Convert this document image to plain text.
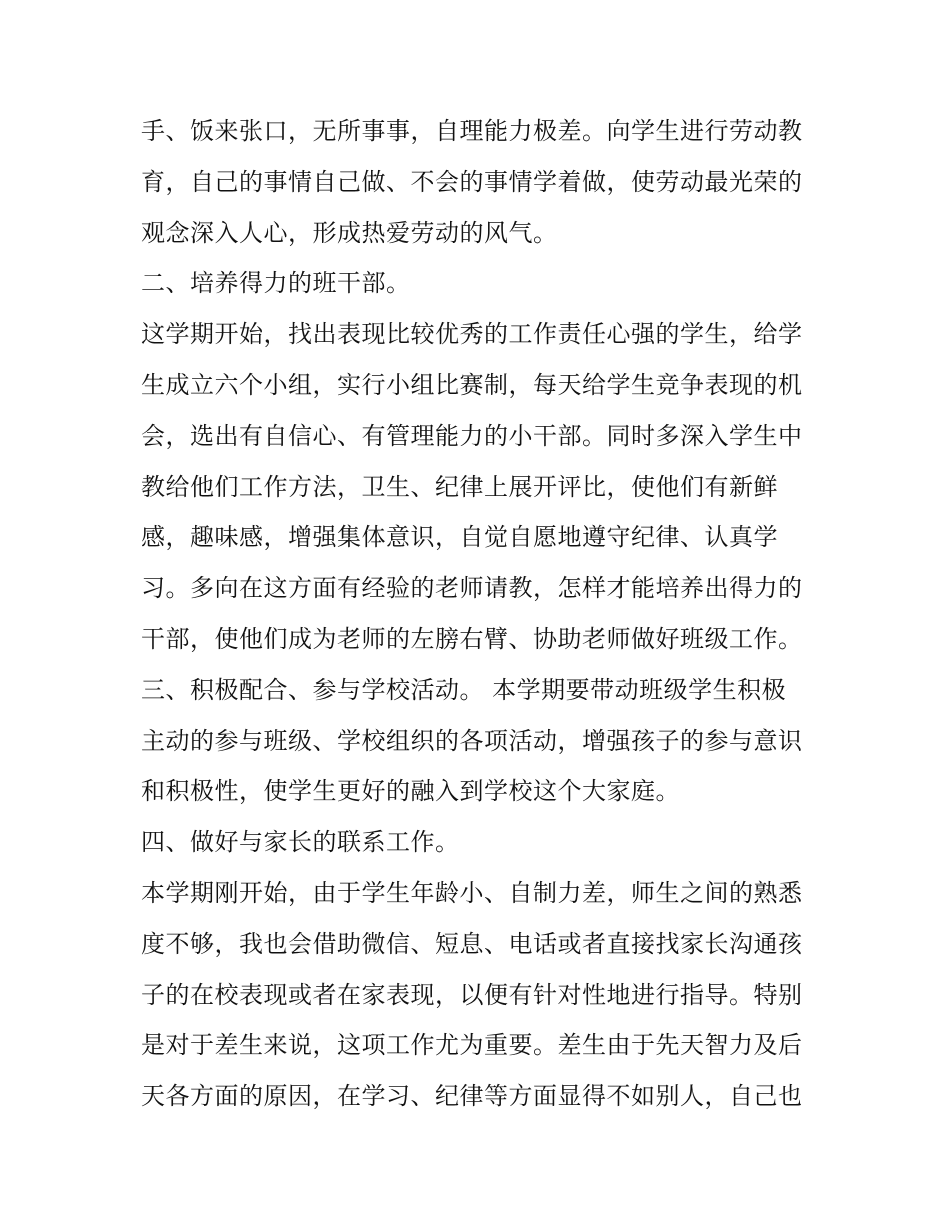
手、饭来张口，无所事事，自理能力极差。向学生进行劳动教
育，自己的事情自己做、不会的事情学着做，使劳动最光荣的
观念深入人心，形成热爱劳动的风气。
二、培养得力的班干部。
这学期开始，找出表现比较优秀的工作责任心强的学生，给学
生成立六个小组，实行小组比赛制，每天给学生竞争表现的机
会，选出有自信心、有管理能力的小干部。同时多深入学生中
教给他们工作方法，卫生、纪律上展开评比，使他们有新鲜
感，趣味感，增强集体意识，自觉自愿地遵守纪律、认真学
习。多向在这方面有经验的老师请教，怎样才能培养出得力的
干部，使他们成为老师的左膀右臂、协助老师做好班级工作。
三、积极配合、参与学校活动。 本学期要带动班级学生积极
主动的参与班级、学校组织的各项活动，增强孩子的参与意识
和积极性，使学生更好的融入到学校这个大家庭。
四、做好与家长的联系工作。
本学期刚开始，由于学生年龄小、自制力差，师生之间的熟悉
度不够，我也会借助微信、短息、电话或者直接找家长沟通孩
子的在校表现或者在家表现，以便有针对性地进行指导。特别
是对于差生来说，这项工作尤为重要。差生由于先天智力及后
天各方面的原因，在学习、纪律等方面显得不如别人，自己也
